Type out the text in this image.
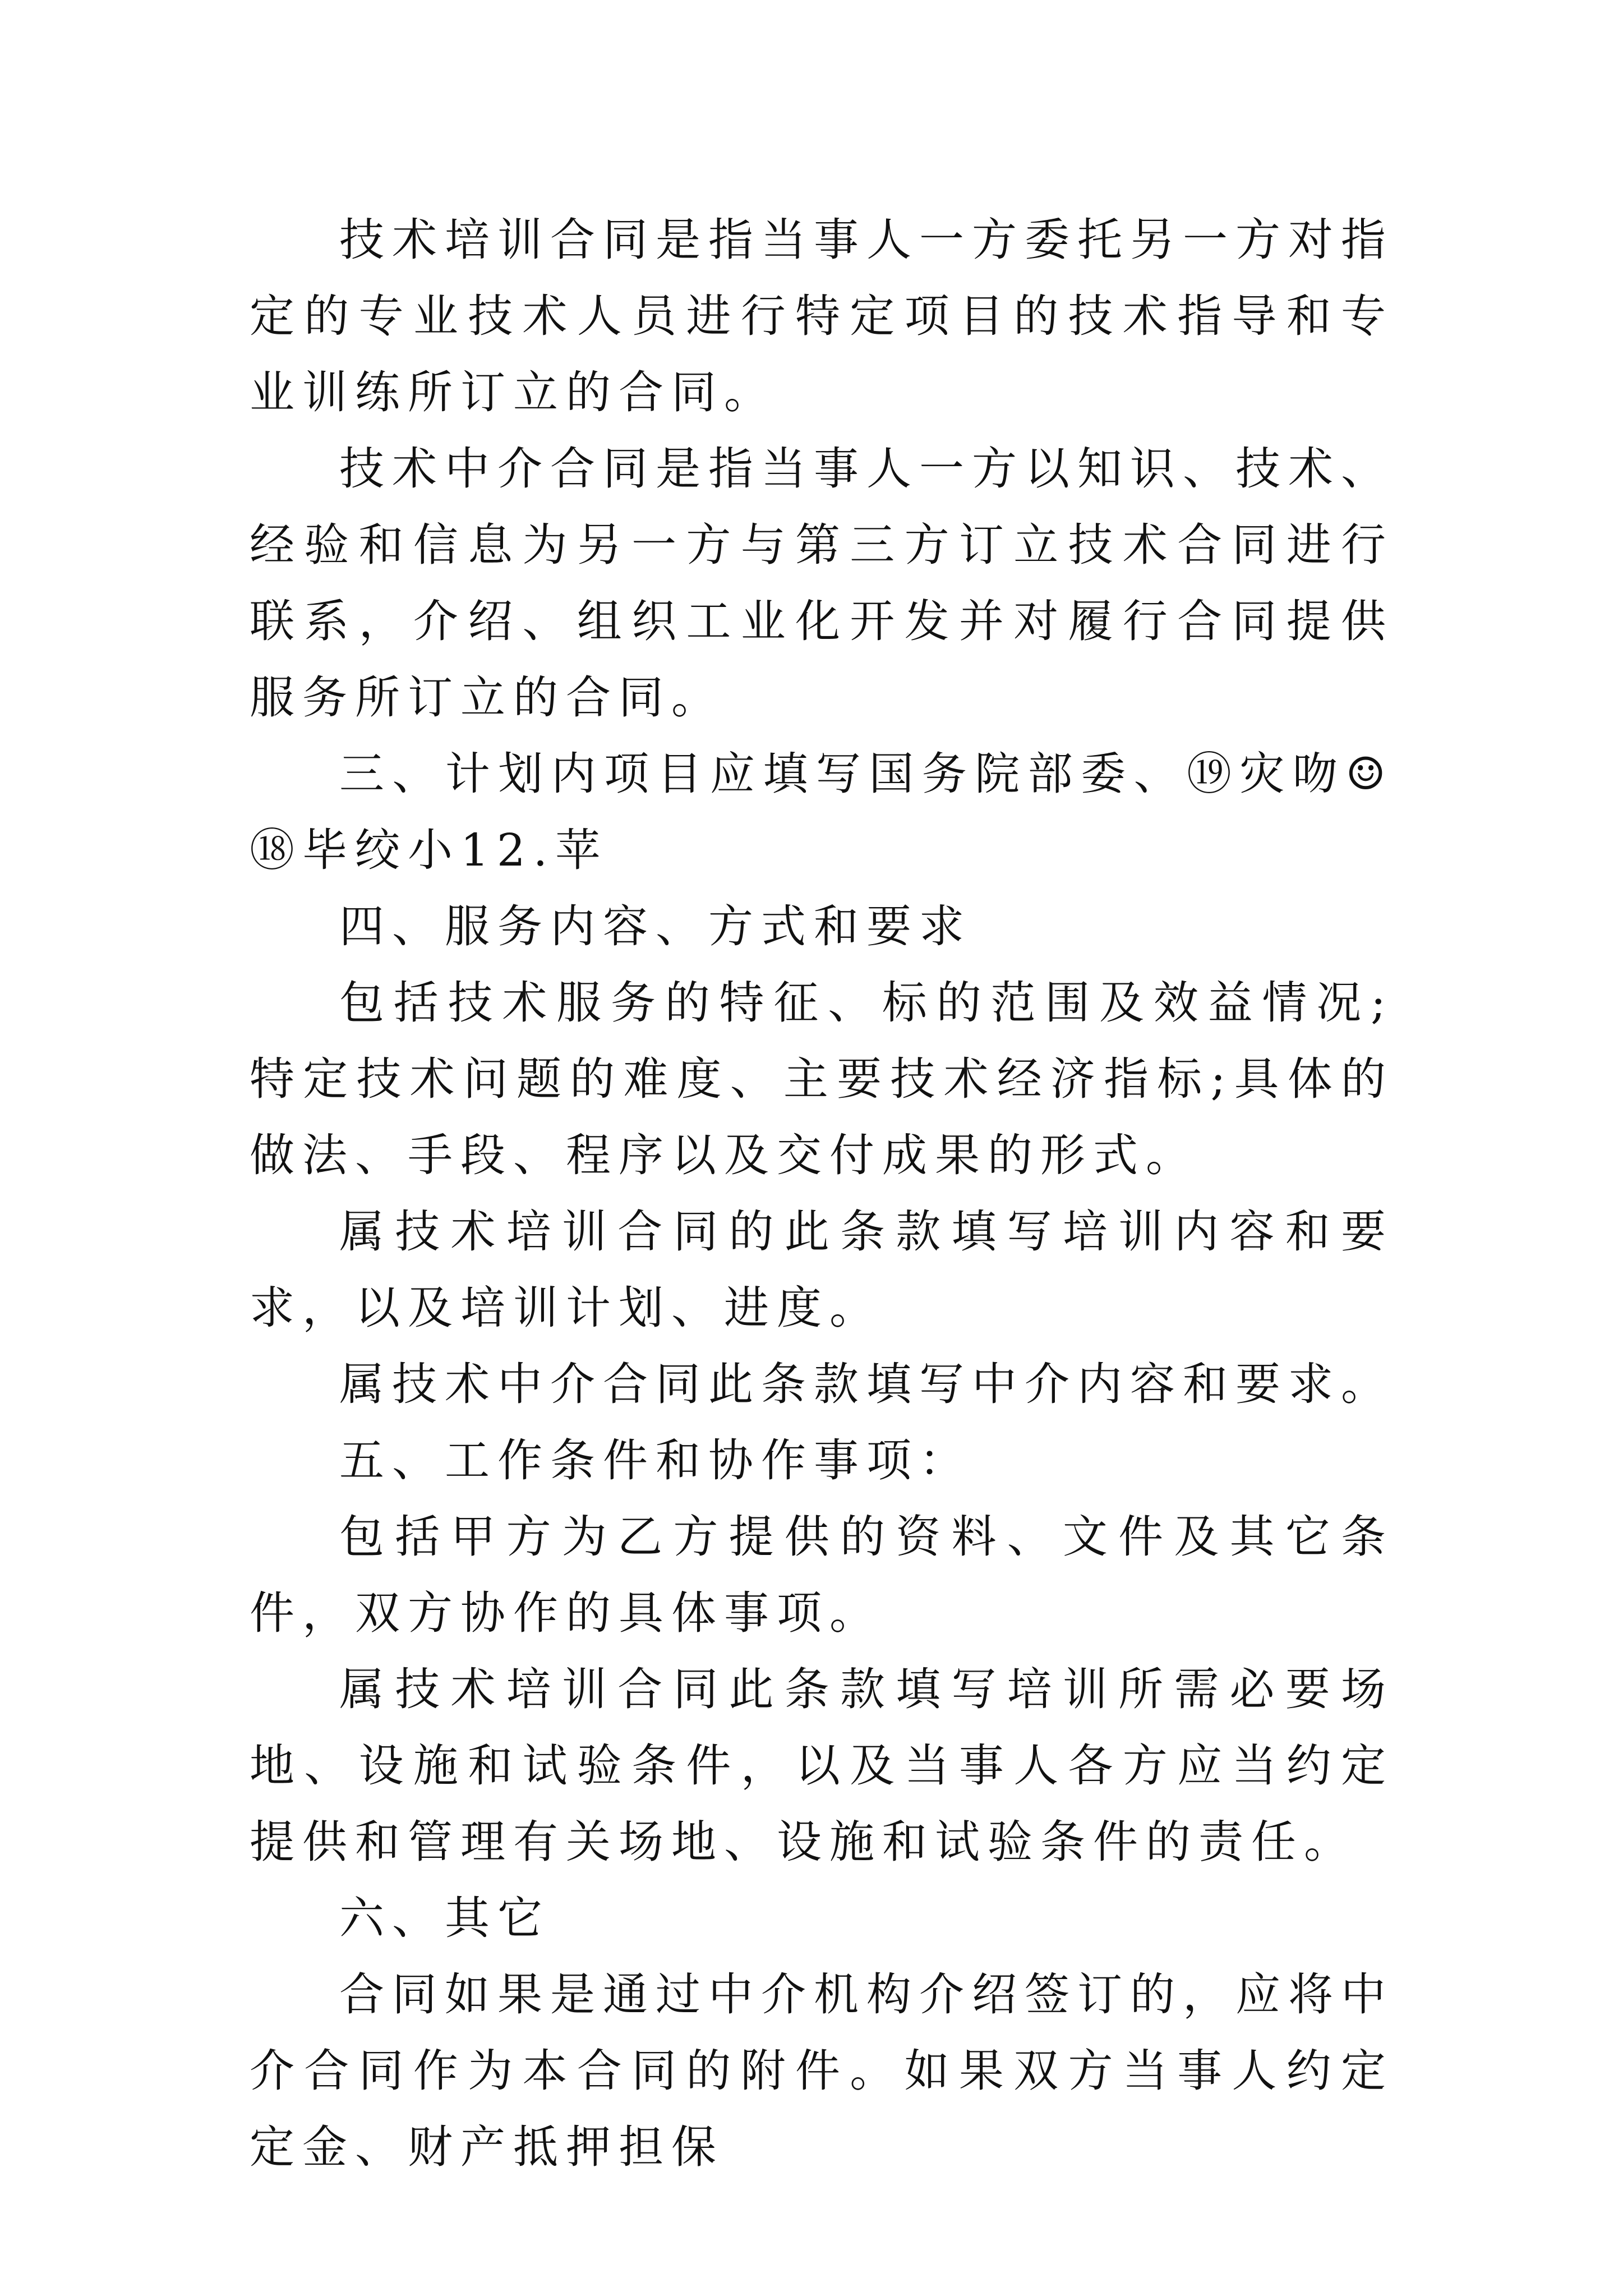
技术培训合同是指当事人一方委托另一方对指定的专业技术人员进行特定项目的技术指导和专业训练所订立的合同。

技术中介合同是指当事人一方以知识、技术、经验和信息为另一方与第三方订立技术合同进行联系，介绍、组织工业化开发并对履行合同提供服务所订立的合同。

三、计划内项目应填写国务院部委、⑲灾吻☺⑱毕绞小12.苹

四、服务内容、方式和要求

包括技术服务的特征、标的范围及效益情况;特定技术问题的难度、主要技术经济指标;具体的做法、手段、程序以及交付成果的形式。

属技术培训合同的此条款填写培训内容和要求，以及培训计划、进度。

属技术中介合同此条款填写中介内容和要求。

五、工作条件和协作事项：

包括甲方为乙方提供的资料、文件及其它条件，双方协作的具体事项。

属技术培训合同此条款填写培训所需必要场地、设施和试验条件，以及当事人各方应当约定提供和管理有关场地、设施和试验条件的责任。

六、其它

合同如果是通过中介机构介绍签订的，应将中介合同作为本合同的附件。如果双方当事人约定定金、财产抵押担保
